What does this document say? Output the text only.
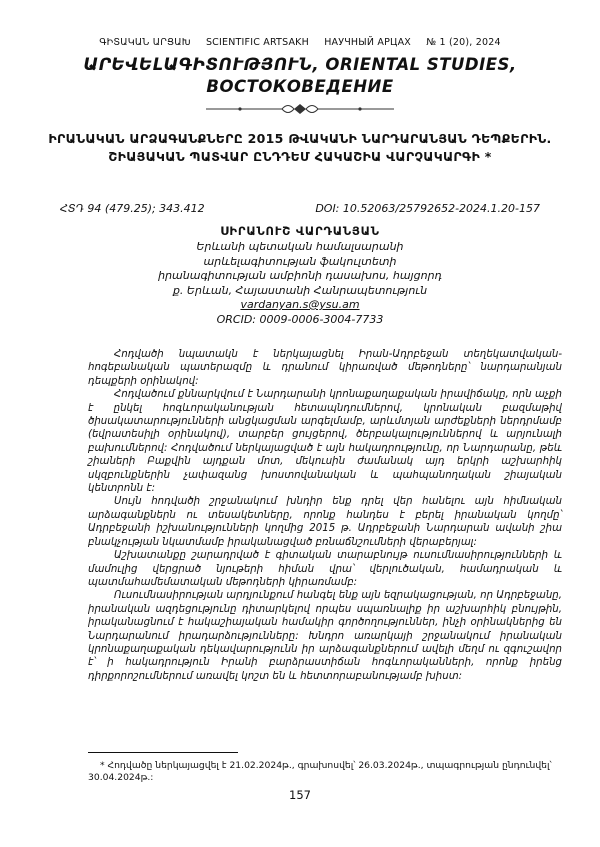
ԳԻՏԱԿԱՆ ԱՐՑԱԽ SCIENTIFIC ARTSAKH НАУЧНЫЙ АРЦАХ № 1 (20), 2024
ԱՐԵՎԵԼԱԳԻՏՈՒԹՅՈՒՆ, ORIENTAL STUDIES,
ВОСТОКОВЕДЕНИЕ
ԻՐԱՆԱԿԱՆ ԱՐՁԱԳԱՆՔՆԵՐԸ 2015 ԹՎԱԿԱՆԻ ՆԱՐԴԱՐԱՆՅԱՆ ԴԵՊՔԵՐԻՆ. ՇԻԱՅԱԿԱՆ ՊԱՏՎԱՐ ԸՆԴԴԵՄ ՀԱԿԱՇԻԱ ՎԱՐՉԱԿԱՐԳԻ *
ՀՏԴ 94 (479.25); 343.412	DOI: 10.52063/25792652-2024.1.20-157
ՍԻՐԱՆՈՒՇ ՎԱՐԴԱՆՅԱՆ
Երևանի պետական համալսարանի
արևելագիտության ֆակուլտետի
իրանագիտության ամբիոնի դասախոս, հայցորդ
ք. Երևան, Հայաստանի Հանրապետություն
vardanyan.s@ysu.am
ORCID: 0009-0006-3004-7733

Հոդվածի նպատակն է ներկայացնել Իրան-Ադրբեջան տեղեկատվական-հոգեբանական պատերազմը և դրանում կիրառված մեթոդները՝ նարդարանյան դեպքերի օրինակով:

Հոդվածում քննարկվում է Նարդարանի կրոնաքաղաքական իրավիճակը, որն աչքի է ընկել հոգևորականության հետապնդումներով, կրոնական բազմաթիվ ծիսակատարությունների անցկացման արգելմամբ, արևմտյան արժեքների ներդրմամբ (եվրատեսիլի օրինակով), տարբեր ցույցերով, ծերբակալություններով և արյունալի բախումներով: Հոդվածում ներկայացված է այն հակադրությունը, որ Նարդարանը, թեև շիաների Բաքվին այդքան մոտ, մեկուսին ժամանակ այդ երկրի աշխարհիկ սկզբունքներին չափազանց խոստովանական և պահպանողական շիայական կենտրոնն է:

Սույն հոդվածի շրջանակում խնդիր ենք դրել վեր հանելու այն հիմնական արձագանքներն ու տեսակետները, որոնք հանդես է բերել իրանական կողմը՝ Ադրբեջանի իշխանությունների կողմից 2015 թ. Ադրբեջանի Նարդարան ավանի շիա բնակչության նկատմամբ իրականացված բռնաճնշումների վերաբերյալ:

Աշխատանքը շարադրված է գիտական տարաբնույթ ուսումնասիրությունների և մամուլից վերցրած նյութերի հիման վրա՝ վերլուծական, համադրական և պատմահամեմատական մեթոդների կիրառմամբ:

Ուսումնասիրության արդյունքում հանգել ենք այն եզրակացության, որ Ադրբեջանը, իրանական ազդեցությունը դիտարկելով որպես սպառնալիք իր աշխարհիկ բնույթին, իրականացնում է հակաշիայական համակիր գործողություններ, ինչի օրինակներից են Նարդարանում իրադարձությունները: Խնդրո առարկայի շրջանակում իրանական կրոնաքաղաքական դեկավարությունն իր արձագանքներում ավելի մեղմ ու զգուշավոր է՝ ի հակադրություն Իրանի բարձրաստիճան հոգևորականների, որոնք իրենց դիրքորոշումներում առավել կոշտ են և հետտորաբանությամբ խիստ:

* Հոդվածը ներկայացվել է 21.02.2024թ., գրախոսվել՝ 26.03.2024թ., տպագրության ընդունվել՝ 30.04.2024թ.:
157
